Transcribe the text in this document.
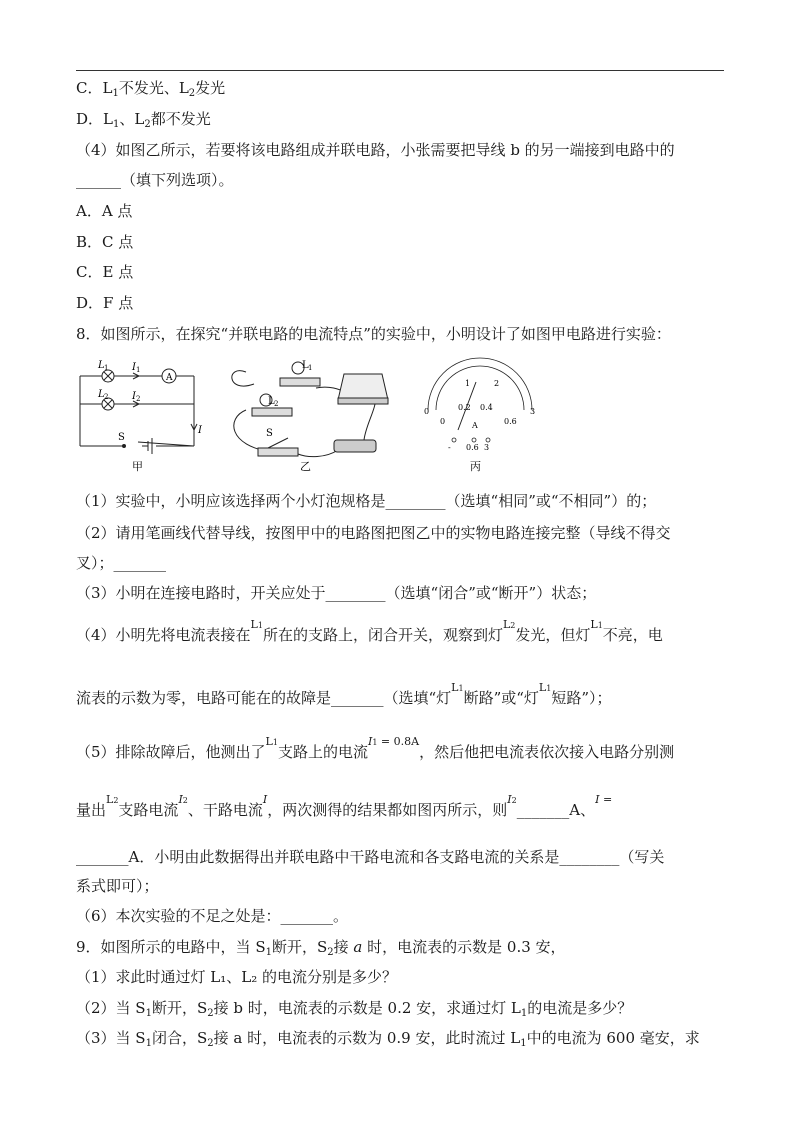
C．$L_1$不发光、$L_2$发光
D．$L_1$、$L_2$都不发光
（4）如图乙所示，若要将该电路组成并联电路，小张需要把导线 b 的另一端接到电路中的
______（填下列选项）。
A．A 点
B．C 点
C．E 点
D．F 点
8．如图所示，在探究“并联电路的电流特点”的实验中，小明设计了如图甲电路进行实验：
L 1
L 2
I 1
I 2
A
I
S
甲
L 1
L 2
S
乙
0
1	2
3
0
0.2 0.4
0.6
A
- 0.6 3
丙
（1）实验中，小明应该选择两个小灯泡规格是________（选填“相同”或“不相同”）的；
（2）请用笔画线代替导线，按图甲中的电路图把图乙中的实物电路连接完整（导线不得交
叉）；_______
（3）小明在连接电路时，开关应处于________（选填“闭合”或“断开”）状态；
（4）小明先将电流表接在$^{L1}$所在的支路上，闭合开关，观察到灯$^{L2}$发光，但灯$^{L1}$不亮，电
流表的示数为零，电路可能在的故障是_______（选填“灯$^{L1}$断路”或“灯$^{L1}$短路”）；
（5）排除故障后，他测出了$^{L1}$支路上的电流$^{I1 = 0.8A}$，然后他把电流表依次接入电路分别测
量出$^{L2}$支路电流$^{I2}$、干路电流$^I$，两次测得的结果都如图丙所示，则$^{I2}$_______A、$^{I =}$
_______A．小明由此数据得出并联电路中干路电流和各支路电流的关系是________（写关
系式即可）；
（6）本次实验的不足之处是：_______。
9．如图所示的电路中，当 $S_1$断开，$S_2$接 a 时，电流表的示数是 0.3 安，
（1）求此时通过灯 L₁、L₂ 的电流分别是多少？
（2）当 $S_1$断开，$S_2$接 b 时，电流表的示数是 0.2 安，求通过灯 $L_1$的电流是多少？
（3）当 $S_1$闭合，$S_2$接 a 时，电流表的示数为 0.9 安，此时流过 $L_1$中的电流为 600 毫安，求
